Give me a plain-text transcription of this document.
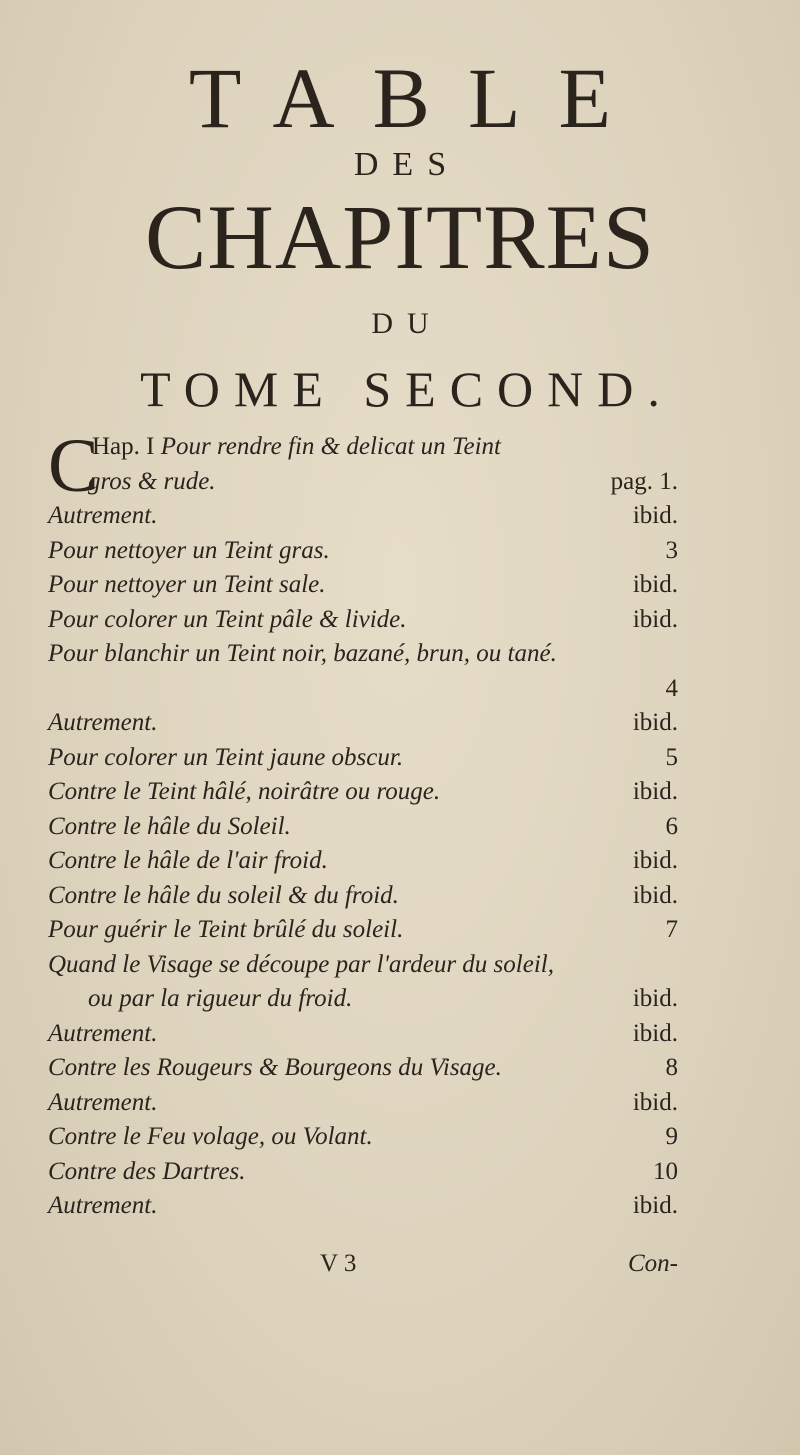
TABLE
DES
CHAPITRES
DU
TOME SECOND.
C
Hap. I Pour rendre fin & delicat un Teint
gros & rude.	pag. 1.
Autrement.	ibid.
Pour nettoyer un Teint gras.	3
Pour nettoyer un Teint sale.	ibid.
Pour colorer un Teint pâle & livide.	ibid.
Pour blanchir un Teint noir, bazané, brun, ou tané.
4
Autrement.	ibid.
Pour colorer un Teint jaune obscur.	5
Contre le Teint hâlé, noirâtre ou rouge.	ibid.
Contre le hâle du Soleil.	6
Contre le hâle de l'air froid.	ibid.
Contre le hâle du soleil & du froid.	ibid.
Pour guérir le Teint brûlé du soleil.	7
Quand le Visage se découpe par l'ardeur du soleil,
ou par la rigueur du froid.	ibid.
Autrement.	ibid.
Contre les Rougeurs & Bourgeons du Visage.	8
Autrement.	ibid.
Contre le Feu volage, ou Volant.	9
Contre des Dartres.	10
Autrement.	ibid.
V 3	Con-
